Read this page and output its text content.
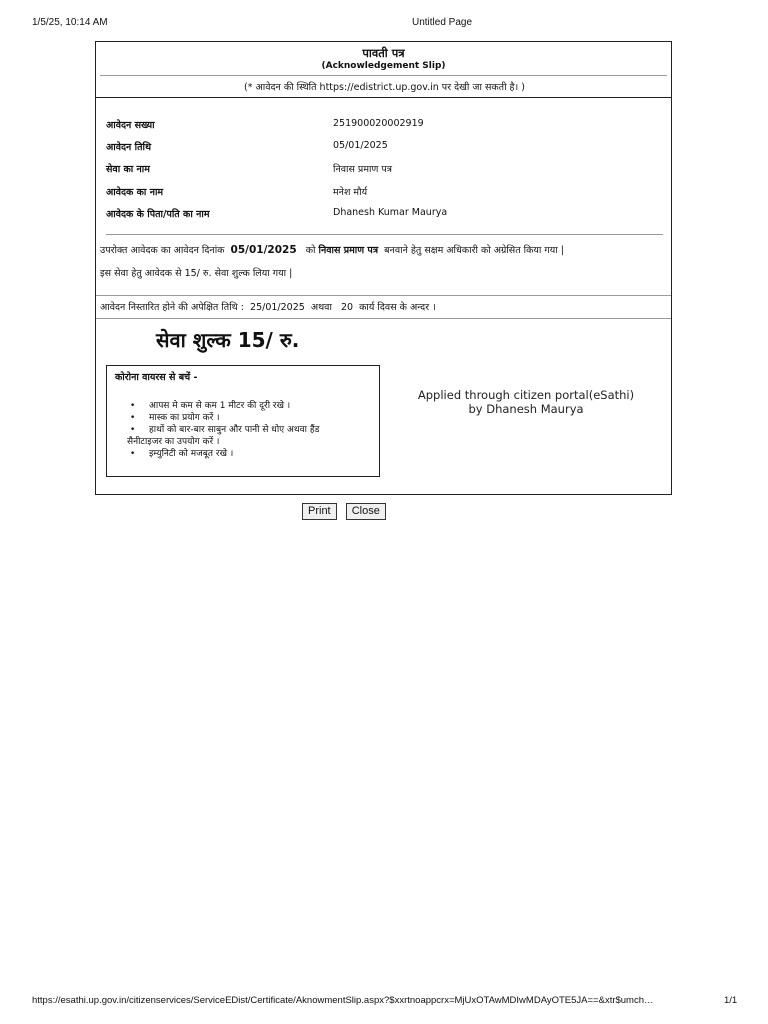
1/5/25, 10:14 AM	Untitled Page
पावती पत्र
(Acknowledgement Slip)
(* आवेदन की स्थिति https://edistrict.up.gov.in पर देखी जा सकती है। )
आवेदन सख्या	251900020002919
आवेदन तिथि	05/01/2025
सेवा का नाम	निवास प्रमाण पत्र
आवेदक का नाम	मनेश मौर्य
आवेदक के पिता/पति का नाम	Dhanesh Kumar Maurya
उपरोक्त आवेदक का आवेदन दिनांक 05/01/2025 को निवास प्रमाण पत्र बनवाने हेतु सक्षम अधिकारी को अग्रेसित किया गया |
इस सेवा हेतु आवेदक से 15/ रु. सेवा शुल्क लिया गया |
आवेदन निस्तारित होने की अपेक्षित तिथि : 25/01/2025 अथवा 20 कार्य दिवस के अन्दर ।
सेवा शुल्क 15/ रु.
कोरोना वायरस से बचें -
• आपस मे कम से कम 1 मीटर की दूरी रखे ।
• मास्क का प्रयोग करें ।
•	हाथों को बार-बार साबुन और पानी से धोए अथवा हैंड
सैनीटाइजर का उपयोग करें ।
• इम्युनिटी को मजबूत रखे ।
Applied through citizen portal(eSathi)
by Dhanesh Maurya
Print Close
https://esathi.up.gov.in/citizenservices/ServiceEDist/Certificate/AknowmentSlip.aspx?$xxrtnoappcrx=MjUxOTAwMDIwMDAyOTE5JA==&xtr$umch…	1/1
